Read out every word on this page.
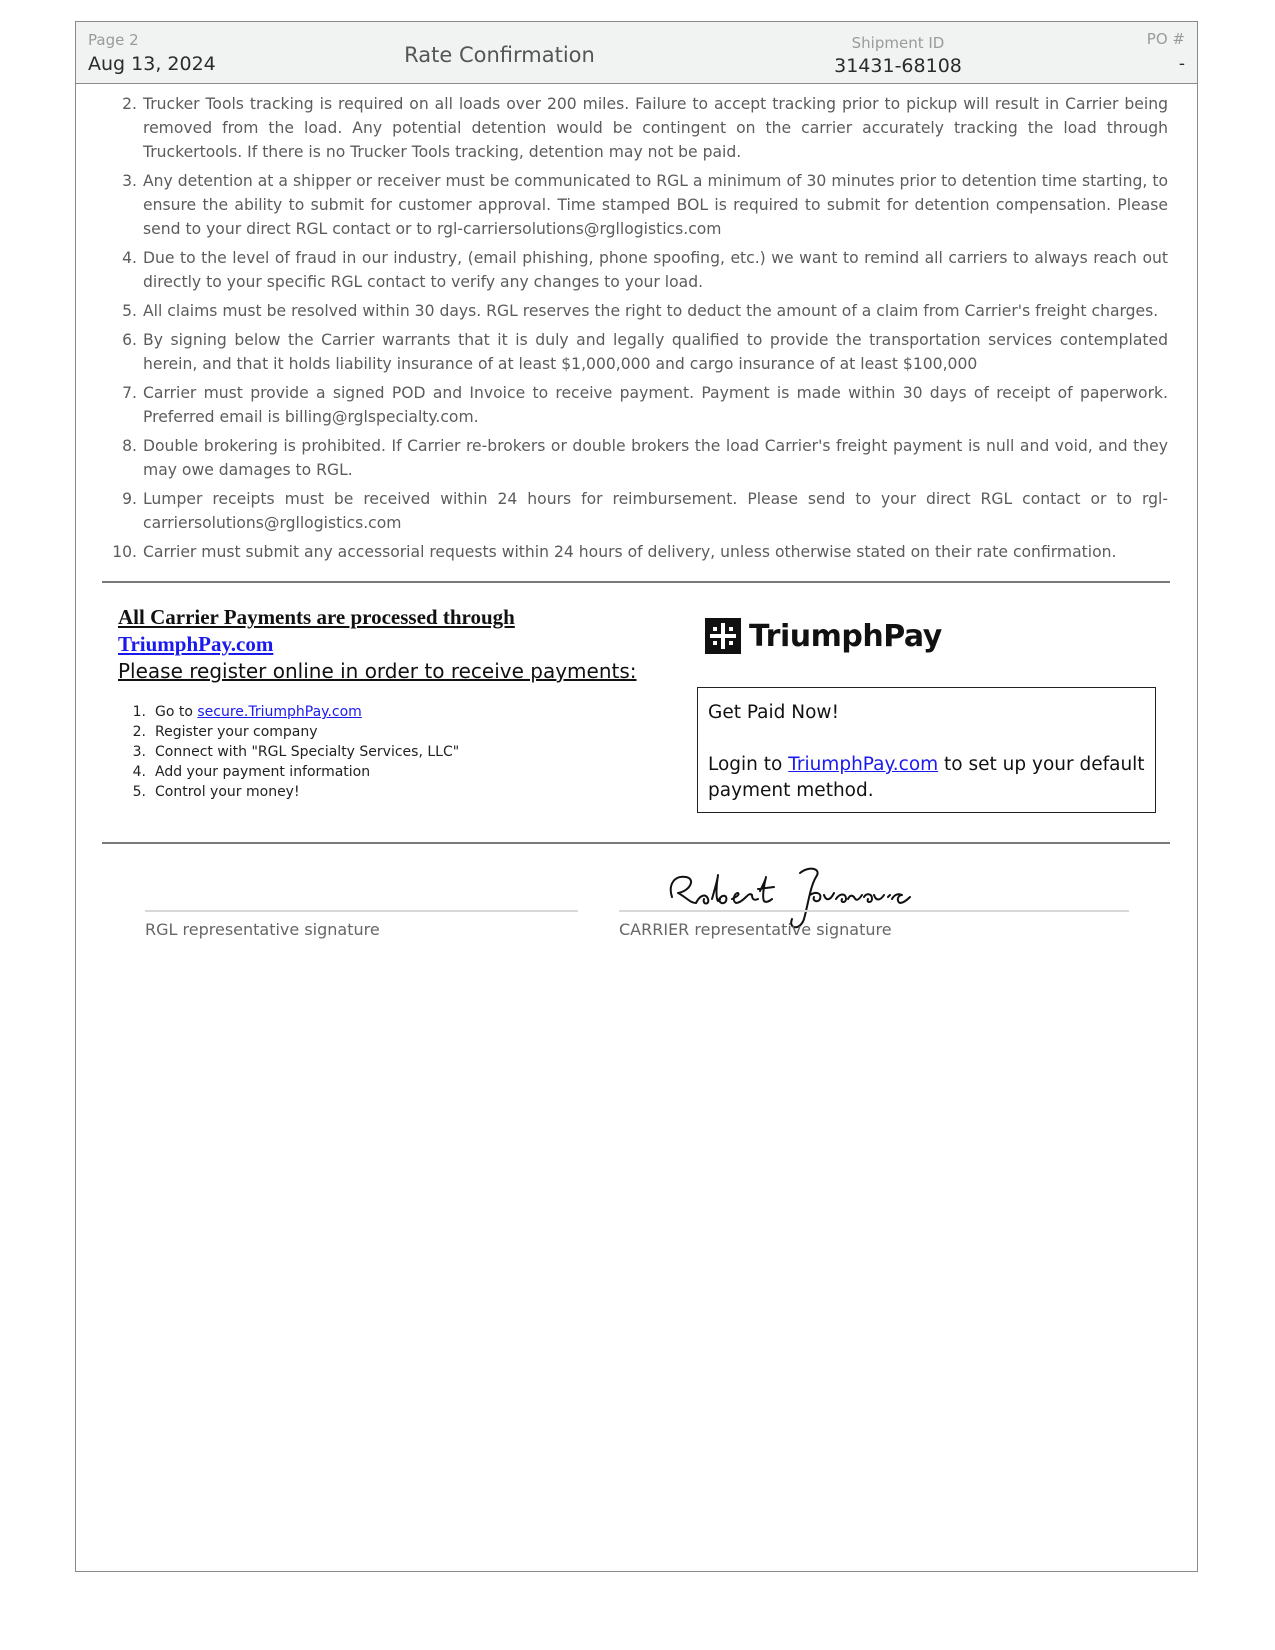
Page 2
Aug 13, 2024	Rate Confirmation	Shipment ID
31431-68108
PO #
-
2. Trucker Tools tracking is required on all loads over 200 miles. Failure to accept tracking prior to pickup will result in Carrier being removed from the load. Any potential detention would be contingent on the carrier accurately tracking the load through Truckertools. If there is no Trucker Tools tracking, detention may not be paid.
3. Any detention at a shipper or receiver must be communicated to RGL a minimum of 30 minutes prior to detention time starting, to ensure the ability to submit for customer approval. Time stamped BOL is required to submit for detention compensation. Please send to your direct RGL contact or to rgl-carriersolutions@rgllogistics.com
4. Due to the level of fraud in our industry, (email phishing, phone spoofing, etc.) we want to remind all carriers to always reach out directly to your specific RGL contact to verify any changes to your load.
5. All claims must be resolved within 30 days. RGL reserves the right to deduct the amount of a claim from Carrier's freight charges.
6. By signing below the Carrier warrants that it is duly and legally qualified to provide the transportation services contemplated herein, and that it holds liability insurance of at least $1,000,000 and cargo insurance of at least $100,000
7. Carrier must provide a signed POD and Invoice to receive payment. Payment is made within 30 days of receipt of paperwork. Preferred email is billing@rglspecialty.com.
8. Double brokering is prohibited. If Carrier re-brokers or double brokers the load Carrier's freight payment is null and void, and they may owe damages to RGL.
9. Lumper receipts must be received within 24 hours for reimbursement. Please send to your direct RGL contact or to rgl-carriersolutions@rgllogistics.com
10. Carrier must submit any accessorial requests within 24 hours of delivery, unless otherwise stated on their rate confirmation.
All Carrier Payments are processed through
TriumphPay.com
Please register online in order to receive payments:
1. Go to secure.TriumphPay.com
2. Register your company
3. Connect with "RGL Specialty Services, LLC"
4. Add your payment information
5. Control your money!
TriumphPay
Get Paid Now!
Login to TriumphPay.com to set up your default payment method.
RGL representative signature	CARRIER representative signature
